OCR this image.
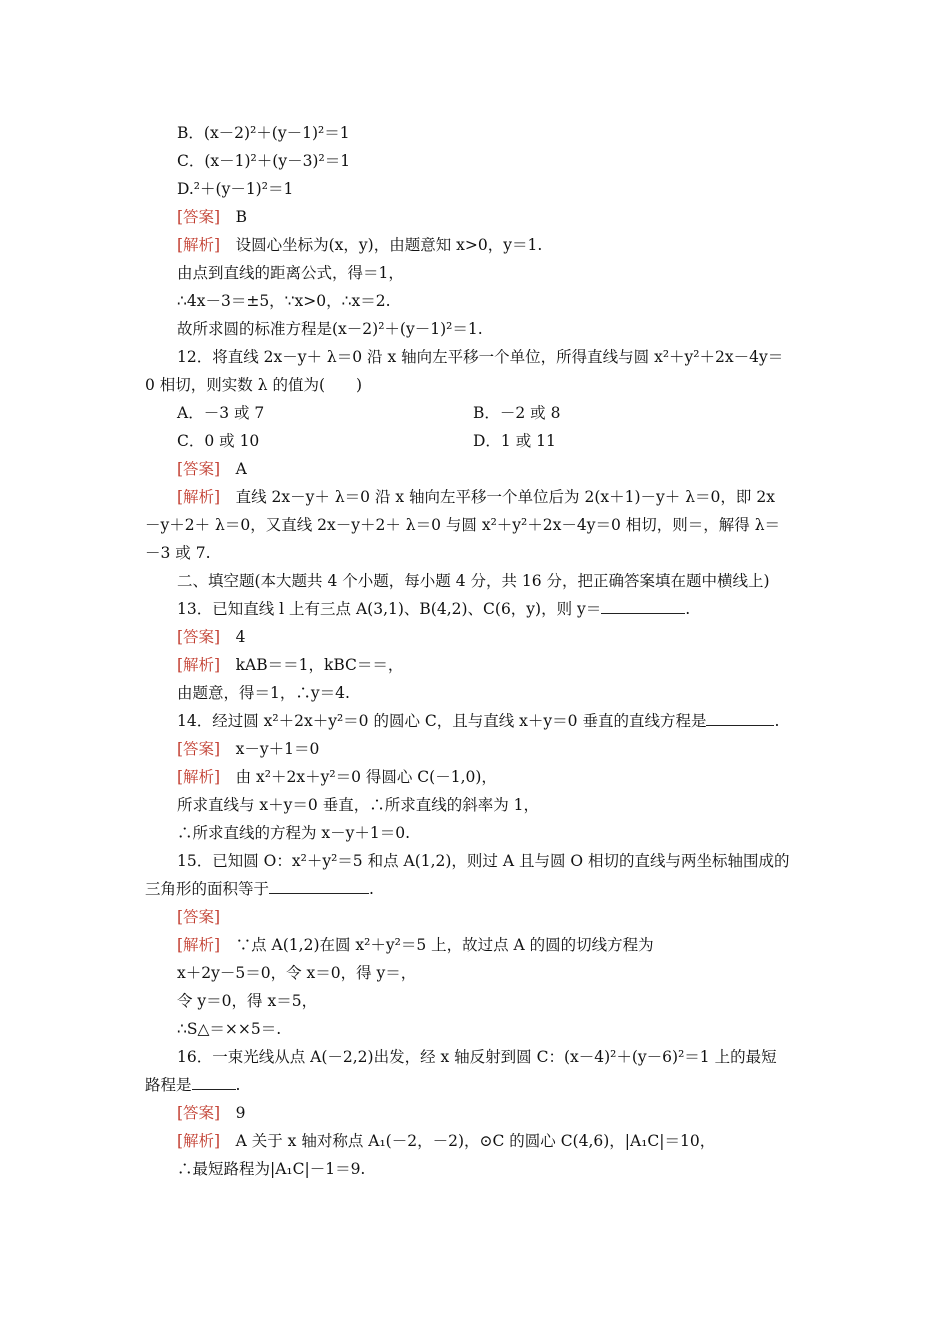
B．(x－2)²＋(y－1)²＝1
C．(x－1)²＋(y－3)²＝1
D.²＋(y－1)²＝1
[答案]　 B
[解析]　 设圆心坐标为(x，y)，由题意知 x>0，y＝1.
由点到直线的距离公式，得＝1，
∴4x－3＝±5，∵x>0，∴x＝2.
故所求圆的标准方程是(x－2)²＋(y－1)²＝1.
12．将直线 2x－y＋ λ＝0 沿 x 轴向左平移一个单位，所得直线与圆 x²＋y²＋2x－4y＝
0 相切，则实数 λ 的值为(　　)
A．－3 或 7	B．－2 或 8
C．0 或 10	D．1 或 11
[答案]　 A
[解析]　 直线 2x－y＋ λ＝0 沿 x 轴向左平移一个单位后为 2(x＋1)－y＋ λ＝0，即 2x
－y＋2＋ λ＝0，又直线 2x－y＋2＋ λ＝0 与圆 x²＋y²＋2x－4y＝0 相切，则＝，解得 λ＝
－3 或 7.
二、填空题(本大题共 4 个小题，每小题 4 分，共 16 分，把正确答案填在题中横线上)
13．已知直线 l 上有三点 A(3,1)、B(4,2)、C(6，y)，则 y＝	.
[答案]　 4
[解析]　 kAB＝＝1，kBC＝＝，
由题意，得＝1，∴y＝4.
14．经过圆 x²＋2x＋y²＝0 的圆心 C，且与直线 x＋y＝0 垂直的直线方程是	.
[答案]　 x－y＋1＝0
[解析]　 由 x²＋2x＋y²＝0 得圆心 C(－1,0)，
所求直线与 x＋y＝0 垂直，∴所求直线的斜率为 1，
∴所求直线的方程为 x－y＋1＝0.
15．已知圆 O：x²＋y²＝5 和点 A(1,2)，则过 A 且与圆 O 相切的直线与两坐标轴围成的
三角形的面积等于	.
[答案]
[解析]　 ∵点 A(1,2)在圆 x²＋y²＝5 上，故过点 A 的圆的切线方程为
x＋2y－5＝0，令 x＝0，得 y＝，
令 y＝0，得 x＝5，
∴S△＝××5＝.
16．一束光线从点 A(－2,2)出发，经 x 轴反射到圆 C：(x－4)²＋(y－6)²＝1 上的最短
路程是	.
[答案]　 9
[解析]　 A 关于 x 轴对称点 A₁(－2，－2)，⊙C 的圆心 C(4,6)，|A₁C|＝10，
∴最短路程为|A₁C|－1＝9.
